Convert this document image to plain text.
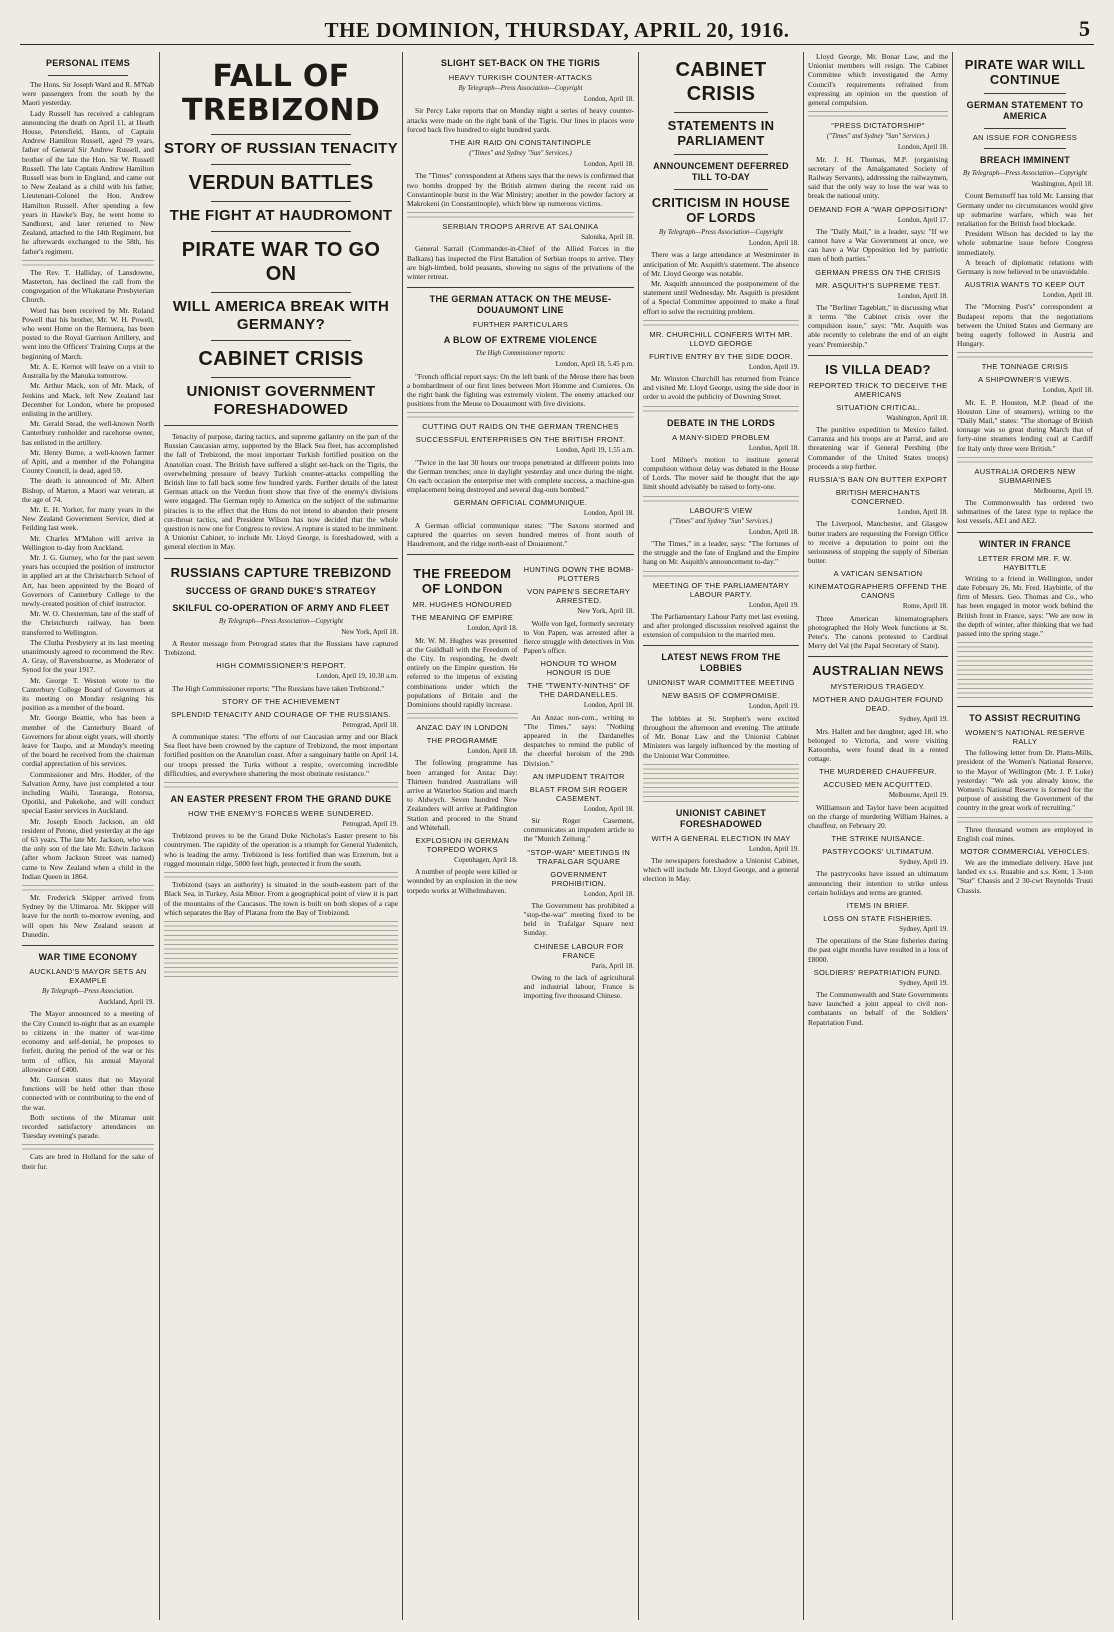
THE DOMINION, THURSDAY, APRIL 20, 1916.	5
PERSONAL ITEMS

The Hons. Sir Joseph Ward and R. M'Nab were passengers from the south by the Maori yesterday.

Lady Russell has received a cablegram announcing the death on April 11, at Heath House, Petersfield, Hants, of Captain Andrew Hamilton Russell, aged 79 years, father of General Sir Andrew Russell, and brother of the late the Hon. Sir W. Russell Russell. The late Captain Andrew Hamilton Russell was born in England, and came out to New Zealand as a child with his father, Lieutenant-Colonel the Hon. Andrew Hamilton Russell. After spending a few years in Hawke's Bay, he went home to Sandhurst, and later returned to New Zealand, attached to the 14th Regiment, but he afterwards exchanged to the 58th, his father's regiment.

The Rev. T. Halliday, of Lansdowne, Masterton, has declined the call from the congregation of the Whakatane Presbyterian Church.

Word has been received by Mr. Roland Powell that his brother, Mr. W. H. Powell, who went Home on the Remuera, has been posted to the Royal Garrison Artillery, and went into the Officers' Training Corps at the beginning of March.

Mr. A. E. Kernot will leave on a visit to Australia by the Manuka tomorrow.

Mr. Arthur Mack, son of Mr. Mack, of Jenkins and Mack, left New Zealand last December for London, where he proposed enlisting in the artillery.

Mr. Gerald Stead, the well-known North Canterbury runholder and racehorse owner, has enlisted in the artillery.

Mr. Henry Burne, a well-known farmer of Apiti, and a member of the Pohangina County Council, is dead, aged 59.

The death is announced of Mr. Albert Bishop, of Marton, a Maori war veteran, at the age of 74.

Mr. E. H. Yorker, for many years in the New Zealand Government Service, died at Feilding last week.

Mr. Charles M'Mahon will arrive in Wellington to-day from Auckland.

Mr. J. G. Gurney, who for the past seven years has occupied the position of instructor in applied art at the Christchurch School of Art, has been appointed by the Board of Governors of Canterbury College to the newly-created position of chief instructor.

Mr. W. O. Chesterman, late of the staff of the Christchurch railway, has been transferred to Wellington.

The Clutha Presbytery at its last meeting unanimously agreed to recommend the Rev. A. Gray, of Ravensbourne, as Moderator of Synod for the year 1917.

Mr. George T. Weston wrote to the Canterbury College Board of Governors at its meeting on Monday resigning his position as a member of the board.

Mr. George Beattie, who has been a member of the Canterbury Board of Governors for about eight years, will shortly leave for Taupo, and at Monday's meeting of the board he received from the chairman cordial appreciation of his services.

Commissioner and Mrs. Hodder, of the Salvation Army, have just completed a tour including Waihi, Tauranga, Rotorua, Opotiki, and Pukekohe, and will conduct special Easter services in Auckland.

Mr. Joseph Enoch Jackson, an old resident of Petone, died yesterday at the age of 63 years. The late Mr. Jackson, who was the only son of the late Mr. Edwin Jackson (after whom Jackson Street was named) came to New Zealand when a child in the Indian Queen in 1864.

Mr. Frederick Skipper arrived from Sydney by the Ulimaroa. Mr. Skipper will leave for the north to-morrow evening, and will open his New Zealand season at Dunedin.

WAR TIME ECONOMY
AUCKLAND'S MAYOR SETS AN EXAMPLE
By Telegraph—Press Association.
Auckland, April 19.

The Mayor announced to a meeting of the City Council to-night that as an example to citizens in the matter of war-time economy and self-denial, he proposes to forfeit, during the period of the war or his term of office, his annual Mayoral allowance of £400.

Mr. Gunson states that no Mayoral functions will be held other than those connected with or contributing to the end of the war.

Both sections of the Miramar unit recorded satisfactory attendances on Tuesday evening's parade.

Cats are bred in Holland for the sake of their fur.

FALL OF TREBIZOND
STORY OF RUSSIAN TENACITY
VERDUN BATTLES
THE FIGHT AT HAUDROMONT
PIRATE WAR TO GO ON
WILL AMERICA BREAK WITH GERMANY?
CABINET CRISIS
UNIONIST GOVERNMENT FORESHADOWED

Tenacity of purpose, daring tactics, and supreme gallantry on the part of the Russian Caucasian army, supported by the Black Sea fleet, has accomplished the fall of Trebizond, the most important Turkish fortified position on the Anatolian coast. The British have suffered a slight set-back on the Tigris, the overwhelming pressure of heavy Turkish counter-attacks compelling the British line to fall back some few hundred yards. Further details of the latest German attack on the Verdun front show that five of the enemy's divisions were engaged. The German reply to America on the subject of the submarine piracies is to the effect that the Huns do not intend to abandon their present cut-throat tactics, and President Wilson has now decided that the whole question is now one for Congress to review. A rupture is stated to be imminent. A Unionist Cabinet, to include Mr. Lloyd George, is foreshadowed, with a general election in May.

RUSSIANS CAPTURE TREBIZOND
SUCCESS OF GRAND DUKE'S STRATEGY
SKILFUL CO-OPERATION OF ARMY AND FLEET
By Telegraph—Press Association—Copyright
New York, April 18.

A Reuter message from Petrograd states that the Russians have captured Trebizond.

HIGH COMMISSIONER'S REPORT.
London, April 19, 10.30 a.m.

The High Commissioner reports: "The Russians have taken Trebizond."

STORY OF THE ACHIEVEMENT
SPLENDID TENACITY AND COURAGE OF THE RUSSIANS.
Petrograd, April 18.

A communique states: "The efforts of our Caucasian army and our Black Sea fleet have been crowned by the capture of Trebizond, the most important fortified position on the Anatolian coast. After a sanguinary battle on April 14, our troops pressed the Turks without a respite, overcoming incredible difficulties, and everywhere shattering the most obstinate resistance."

AN EASTER PRESENT FROM THE GRAND DUKE
HOW THE ENEMY'S FORCES WERE SUNDERED.
Petrograd, April 19.

Trebizond proves to be the Grand Duke Nicholas's Easter present to his countrymen. The rapidity of the operation is a triumph for General Yudenitch, who is leading the army. Trebizond is less fortified than was Erzerum, but a rugged mountain ridge, 5000 feet high, protected it from the south.

Trebizond (says an authority) is situated in the south-eastern part of the Black Sea, in Turkey, Asia Minor. From a geographical point of view it is part of the mountains of the Caucasus. The town is built on both slopes of a cape which separates the Bay of Platana from the Bay of Trebizond.

SLIGHT SET-BACK ON THE TIGRIS
HEAVY TURKISH COUNTER-ATTACKS
By Telegraph—Press Association—Copyright
London, April 18.

Sir Percy Lake reports that on Monday night a series of heavy counter-attacks were made on the right bank of the Tigris. Our lines in places were forced back five hundred to eight hundred yards.

THE AIR RAID ON CONSTANTINOPLE
("Times" and Sydney "Sun" Services.)
London, April 18.

The "Times" correspondent at Athens says that the news is confirmed that two bombs dropped by the British airmen during the recent raid on Constantinople burst in the War Ministry; another in the powder factory at Makrokeni (in Constantinople), which blew up numerous victims.

SERBIAN TROOPS ARRIVE AT SALONIKA
Salonika, April 18.

General Sarrail (Commander-in-Chief of the Allied Forces in the Balkans) has inspected the First Battalion of Serbian troops to arrive. They are high-limbed, bold peasants, showing no signs of the privations of the winter retreat.

THE GERMAN ATTACK ON THE MEUSE-DOUAUMONT LINE
FURTHER PARTICULARS
A BLOW OF EXTREME VIOLENCE
The High Commissioner reports:
London, April 18, 5.45 p.m.

"French official report says: On the left bank of the Meuse there has been a bombardment of our first lines between Mort Homme and Cumieres. On the right bank the fighting was extremely violent. The enemy attacked our positions from the Meuse to Douaumont with five divisions.

CUTTING OUT RAIDS ON THE GERMAN TRENCHES
SUCCESSFUL ENTERPRISES ON THE BRITISH FRONT.
London, April 19, 1.55 a.m.

"Twice in the last 30 hours our troops penetrated at different points into the German trenches; once in daylight yesterday and once during the night. On each occasion the enterprise met with complete success, a machine-gun emplacement being destroyed and several dug-outs bombed."

GERMAN OFFICIAL COMMUNIQUE.
London, April 18.

A German official communique states: "The Saxons stormed and captured the quarries on seven hundred metres of front south of Haudremont, and the ridge north-east of Douaumont."

THE FREEDOM OF LONDON
MR. HUGHES HONOURED
THE MEANING OF EMPIRE
London, April 18.

Mr. W. M. Hughes was presented at the Guildhall with the Freedom of the City. In responding, he dwelt entirely on the Empire question. He referred to the impetus of existing combinations under which the populations of Britain and the Dominions should rapidly increase.

ANZAC DAY IN LONDON
THE PROGRAMME
London, April 18.

The following programme has been arranged for Anzac Day: Thirteen hundred Australians will arrive at Waterloo Station and march to Aldwych. Seven hundred New Zealanders will arrive at Paddington Station and proceed to the Strand and Whitehall.

EXPLOSION IN GERMAN TORPEDO WORKS
Copenhagen, April 18.

A number of people were killed or wounded by an explosion in the new torpedo works at Wilhelmshaven.

HUNTING DOWN THE BOMB-PLOTTERS
VON PAPEN'S SECRETARY ARRESTED.
New York, April 18.

Wolfe von Igel, formerly secretary to Von Papen, was arrested after a fierce struggle with detectives in Von Papen's office.

HONOUR TO WHOM HONOUR IS DUE
THE "TWENTY-NINTHS" OF THE DARDANELLES.
London, April 18.

An Anzac non-com., writing to "The Times," says: "Nothing appeared in the Dardanelles despatches to remind the public of the cheerful heroism of the 29th Division."

AN IMPUDENT TRAITOR
BLAST FROM SIR ROGER CASEMENT.
London, April 18.

Sir Roger Casement, communicates an impudent article to the "Munich Zeitung."

"STOP-WAR" MEETINGS IN TRAFALGAR SQUARE
GOVERNMENT PROHIBITION.
London, April 18.

The Government has prohibited a "stop-the-war" meeting fixed to be held in Trafalgar Square next Sunday.

CHINESE LABOUR FOR FRANCE
Paris, April 18.

Owing to the lack of agricultural and industrial labour, France is importing five thousand Chinese.

CABINET CRISIS
STATEMENTS IN PARLIAMENT
ANNOUNCEMENT DEFERRED TILL TO-DAY
CRITICISM IN HOUSE OF LORDS
By Telegraph—Press Association—Copyright
London, April 18.

There was a large attendance at Westminster in anticipation of Mr. Asquith's statement. The absence of Mr. Lloyd George was notable.

Mr. Asquith announced the postponement of the statement until Wednesday. Mr. Asquith is president of a Special Committee appointed to make a final effort to solve the recruiting problem.

MR. CHURCHILL CONFERS WITH MR. LLOYD GEORGE
FURTIVE ENTRY BY THE SIDE DOOR.
London, April 19.

Mr. Winston Churchill has returned from France and visited Mr. Lloyd George, using the side door in order to avoid the publicity of Downing Street.

DEBATE IN THE LORDS
A MANY-SIDED PROBLEM
London, April 18.

Lord Milner's motion to institute general compulsion without delay was debated in the House of Lords. The mover said he thought that the age limit should advisably be raised to forty-one.

LABOUR'S VIEW
("Times" and Sydney "Sun" Services.)
London, April 18.

"The Times," in a leader, says: "The fortunes of the struggle and the fate of England and the Empire hang on Mr. Asquith's announcement to-day."

MEETING OF THE PARLIAMENTARY LABOUR PARTY.
London, April 19.

The Parliamentary Labour Party met last evening, and after prolonged discussion resolved against the extension of compulsion to the married men.

LATEST NEWS FROM THE LOBBIES
UNIONIST WAR COMMITTEE MEETING
NEW BASIS OF COMPROMISE.
London, April 19.

The lobbies at St. Stephen's were excited throughout the afternoon and evening. The attitude of Mr. Bonar Law and the Unionist Cabinet Ministers was largely influenced by the meeting of the Unionist War Committee.

UNIONIST CABINET FORESHADOWED
WITH A GENERAL ELECTION IN MAY
London, April 19.

The newspapers foreshadow a Unionist Cabinet, which will include Mr. Lloyd George, and a general election in May.

Lloyd George, Mr. Bonar Law, and the Unionist members will resign. The Cabinet Committee which investigated the Army Council's requirements refrained from expressing an opinion on the question of general compulsion.

"PRESS DICTATORSHIP"
("Times" and Sydney "Sun" Services.)
London, April 18.

Mr. J. H. Thomas, M.P. (organising secretary of the Amalgamated Society of Railway Servants), addressing the railwaymen, said that the only way to lose the war was to break the national unity.

DEMAND FOR A "WAR OPPOSITION"
London, April 17.

The "Daily Mail," in a leader, says: "If we cannot have a War Government at once, we can have a War Opposition led by patriotic men of both parties."

GERMAN PRESS ON THE CRISIS
MR. ASQUITH'S SUPREME TEST.
London, April 18.

The "Berliner Tageblatt," in discussing what it terms "the Cabinet crisis over the compulsion issue," says: "Mr. Asquith was able recently to celebrate the end of an eight years' Premiership."

IS VILLA DEAD?
REPORTED TRICK TO DECEIVE THE AMERICANS
SITUATION CRITICAL.
Washington, April 18.

The punitive expedition to Mexico failed. Carranza and his troops are at Parral, and are threatening war if General Pershing (the Commander of the United States troops) proceeds a step further.

RUSSIA'S BAN ON BUTTER EXPORT
BRITISH MERCHANTS CONCERNED.
London, April 18.

The Liverpool, Manchester, and Glasgow butter traders are requesting the Foreign Office to receive a deputation to point out the seriousness of stopping the supply of Siberian butter.

A VATICAN SENSATION
KINEMATOGRAPHERS OFFEND THE CANONS
Rome, April 18.

Three American kinematographers photographed the Holy Week functions at St. Peter's. The canons protested to Cardinal Merry del Val (the Papal Secretary of State).

AUSTRALIAN NEWS
MYSTERIOUS TRAGEDY.
MOTHER AND DAUGHTER FOUND DEAD.
Sydney, April 19.

Mrs. Hallett and her daughter, aged 18, who belonged to Victoria, and were visiting Katoomba, were found dead in a rented cottage.

THE MURDERED CHAUFFEUR.
ACCUSED MEN ACQUITTED.
Melbourne, April 19.

Williamson and Taylor have been acquitted on the charge of murdering William Haines, a chauffeur, on February 20.

THE STRIKE NUISANCE.
PASTRYCOOKS' ULTIMATUM.
Sydney, April 19.

The pastrycooks have issued an ultimatum announcing their intention to strike unless certain holidays and terms are granted.

ITEMS IN BRIEF.
LOSS ON STATE FISHERIES.
Sydney, April 19.

The operations of the State fisheries during the past eight months have resulted in a loss of £8000.

SOLDIERS' REPATRIATION FUND.
Sydney, April 19.

The Commonwealth and State Governments have launched a joint appeal to civil non-combatants on behalf of the Soldiers' Repatriation Fund.

PIRATE WAR WILL CONTINUE
GERMAN STATEMENT TO AMERICA
AN ISSUE FOR CONGRESS
BREACH IMMINENT
By Telegraph—Press Association—Copyright
Washington, April 18.

Count Bernstorff has told Mr. Lansing that Germany under no circumstances would give up submarine warfare, which was her retaliation for the British food blockade.

President Wilson has decided to lay the whole submarine issue before Congress immediately.

A breach of diplomatic relations with Germany is now believed to be unavoidable.

AUSTRIA WANTS TO KEEP OUT
London, April 18.

The "Morning Post's" correspondent at Budapest reports that the negotiations between the United States and Germany are being eagerly followed in Austria and Hungary.

THE TONNAGE CRISIS
A SHIPOWNER'S VIEWS.
London, April 18.

Mr. E. P. Houston, M.P. (head of the Houston Line of steamers), writing to the "Daily Mail," states: "The shortage of British tonnage was so great during March that of forty-nine steamers lending coal at Cardiff for Italy only three were British."

AUSTRALIA ORDERS NEW SUBMARINES
Melbourne, April 19.

The Commonwealth has ordered two submarines of the latest type to replace the lost vessels, AE1 and AE2.

WINTER IN FRANCE
LETTER FROM MR. F. W. HAYBITTLE

Writing to a friend in Wellington, under date February 26, Mr. Fred. Haybittle, of the firm of Messrs. Geo. Thomas and Co., who has been engaged in motor work behind the British front in France, says: "We are now in the depth of winter, after thinking that we had passed into the spring stage."

TO ASSIST RECRUITING
WOMEN'S NATIONAL RESERVE RALLY

The following letter from Dr. Platts-Mills, president of the Women's National Reserve, to the Mayor of Wellington (Mr. J. P. Luke) yesterday: "We ask you already know, the Women's National Reserve is formed for the purpose of assisting the Government of the country in the great work of recruiting."

Three thousand women are employed in English coal mines.

MOTOR COMMERCIAL VEHICLES.

We are the immediate delivery. Have just landed ex s.s. Ruaabie and s.s. Kent, 1 3-ton "Star" Chassis and 2 30-cwt Reynolds Trusti Chassis.
